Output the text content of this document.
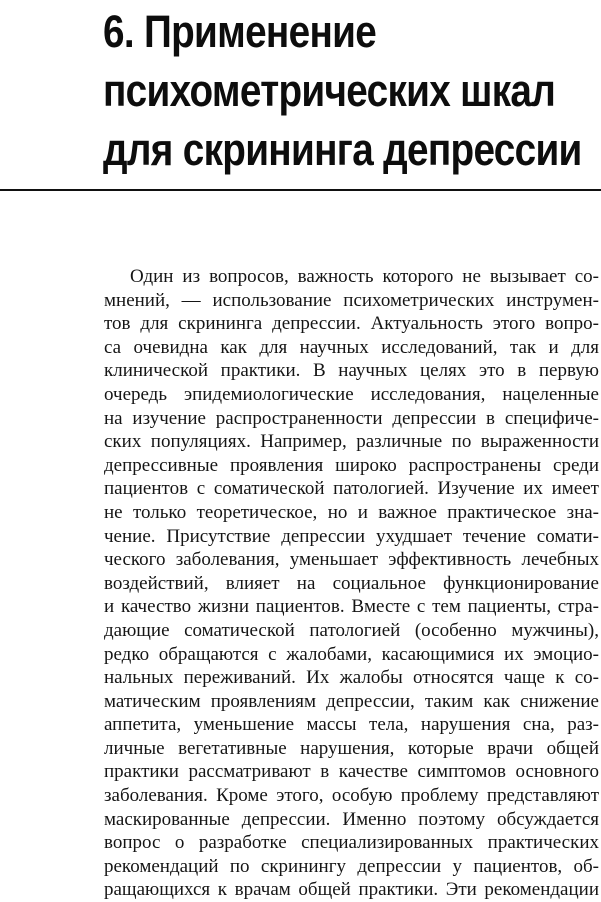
6. Применение
психометрических шкал
для скрининга депрессии
Один из вопросов, важность которого не вызывает со-
мнений, — использование психометрических инструмен-
тов для скрининга депрессии. Актуальность этого вопро-
са очевидна как для научных исследований, так и для
клинической практики. В научных целях это в первую
очередь эпидемиологические исследования, нацеленные
на изучение распространенности депрессии в специфиче-
ских популяциях. Например, различные по выраженности
депрессивные проявления широко распространены среди
пациентов с соматической патологией. Изучение их имеет
не только теоретическое, но и важное практическое зна-
чение. Присутствие депрессии ухудшает течение сомати-
ческого заболевания, уменьшает эффективность лечебных
воздействий, влияет на социальное функционирование
и качество жизни пациентов. Вместе с тем пациенты, стра-
дающие соматической патологией (особенно мужчины),
редко обращаются с жалобами, касающимися их эмоцио-
нальных переживаний. Их жалобы относятся чаще к со-
матическим проявлениям депрессии, таким как снижение
аппетита, уменьшение массы тела, нарушения сна, раз-
личные вегетативные нарушения, которые врачи общей
практики рассматривают в качестве симптомов основного
заболевания. Кроме этого, особую проблему представляют
маскированные депрессии. Именно поэтому обсуждается
вопрос о разработке специализированных практических
рекомендаций по скринингу депрессии у пациентов, об-
ращающихся к врачам общей практики. Эти рекомендации
